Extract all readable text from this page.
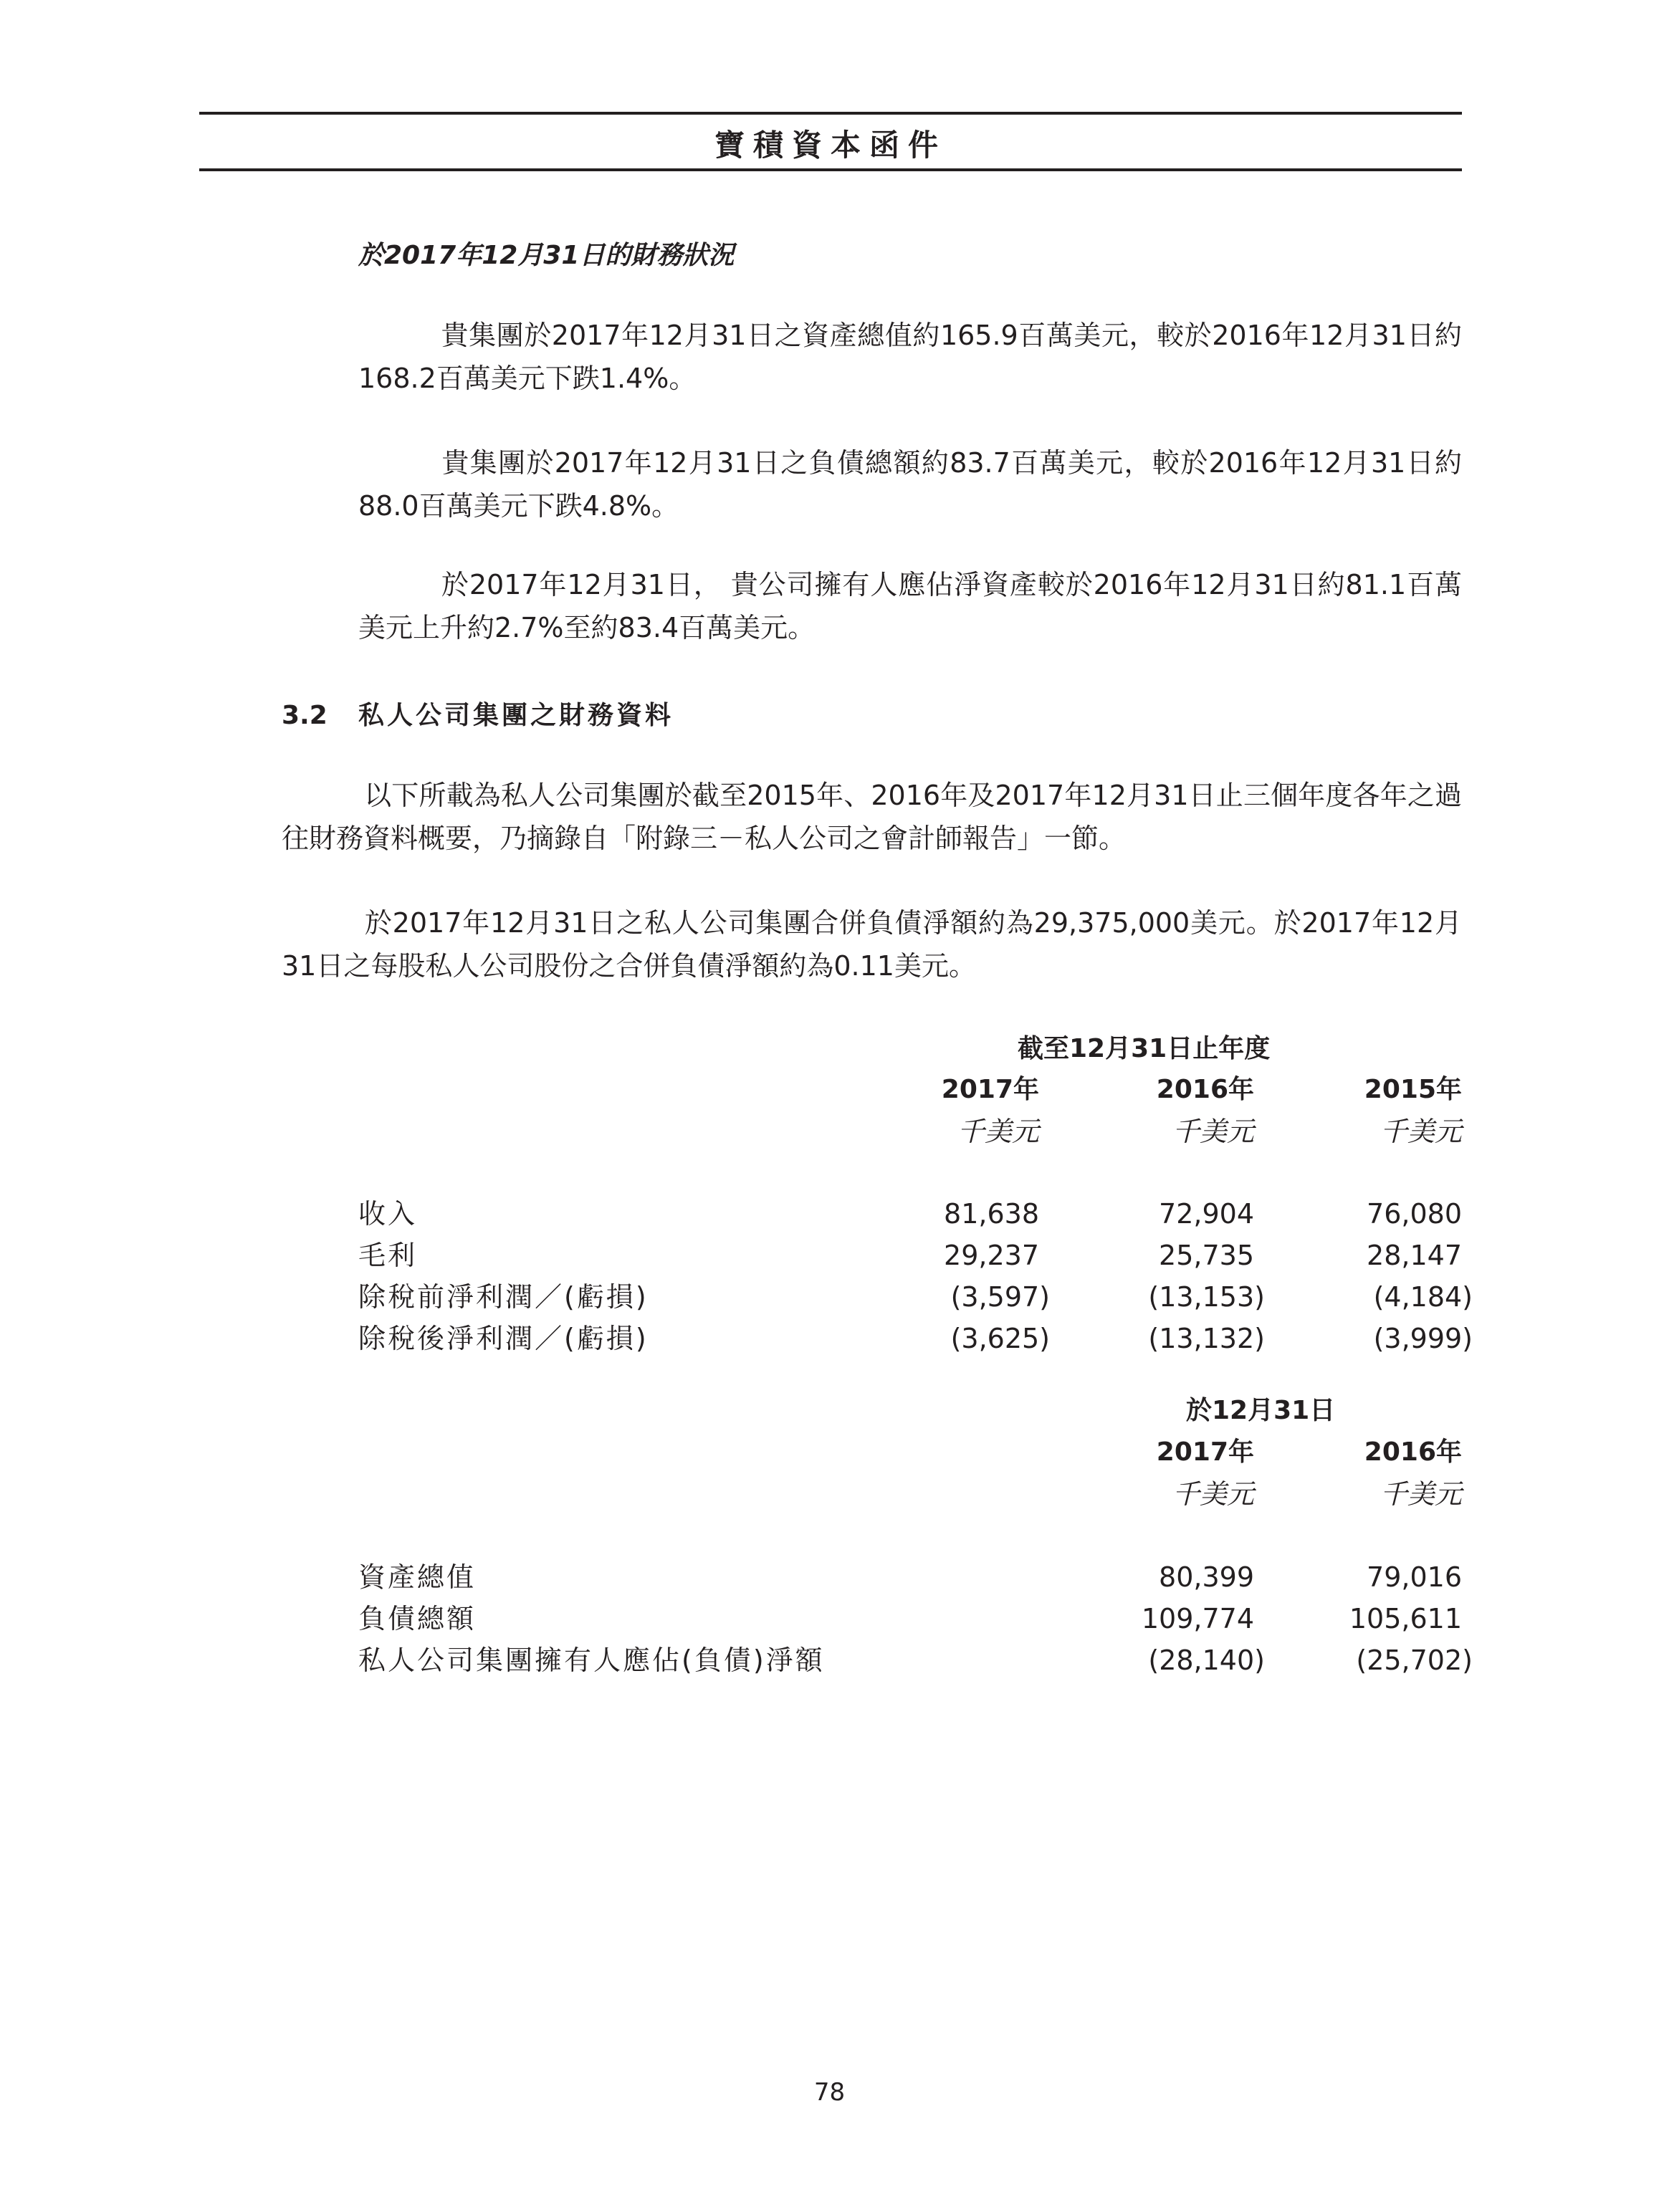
寶積資本函件
於2017年12月31日的財務狀況
貴集團於2017年12月31日之資產總值約165.9百萬美元，較於2016年12月31日約168.2百萬美元下跌1.4%。
貴集團於2017年12月31日之負債總額約83.7百萬美元，較於2016年12月31日約88.0百萬美元下跌4.8%。
於2017年12月31日， 貴公司擁有人應佔淨資產較於2016年12月31日約81.1百萬美元上升約2.7%至約83.4百萬美元。
3.2 私人公司集團之財務資料
以下所載為私人公司集團於截至2015年、2016年及2017年12月31日止三個年度各年之過往財務資料概要，乃摘錄自「附錄三－私人公司之會計師報告」一節。
於2017年12月31日之私人公司集團合併負債淨額約為29,375,000美元。於2017年12月31日之每股私人公司股份之合併負債淨額約為0.11美元。
截至12月31日止年度
2017年	2016年	2015年
千美元	千美元	千美元
收入	81,638	72,904	76,080
毛利	29,237	25,735	28,147
除稅前淨利潤／(虧損)	(3,597)	(13,153)	(4,184)
除稅後淨利潤／(虧損)	(3,625)	(13,132)	(3,999)
於12月31日
2017年	2016年
千美元	千美元
資產總值	80,399	79,016
負債總額	109,774	105,611
私人公司集團擁有人應佔(負債)淨額	(28,140)	(25,702)
78
